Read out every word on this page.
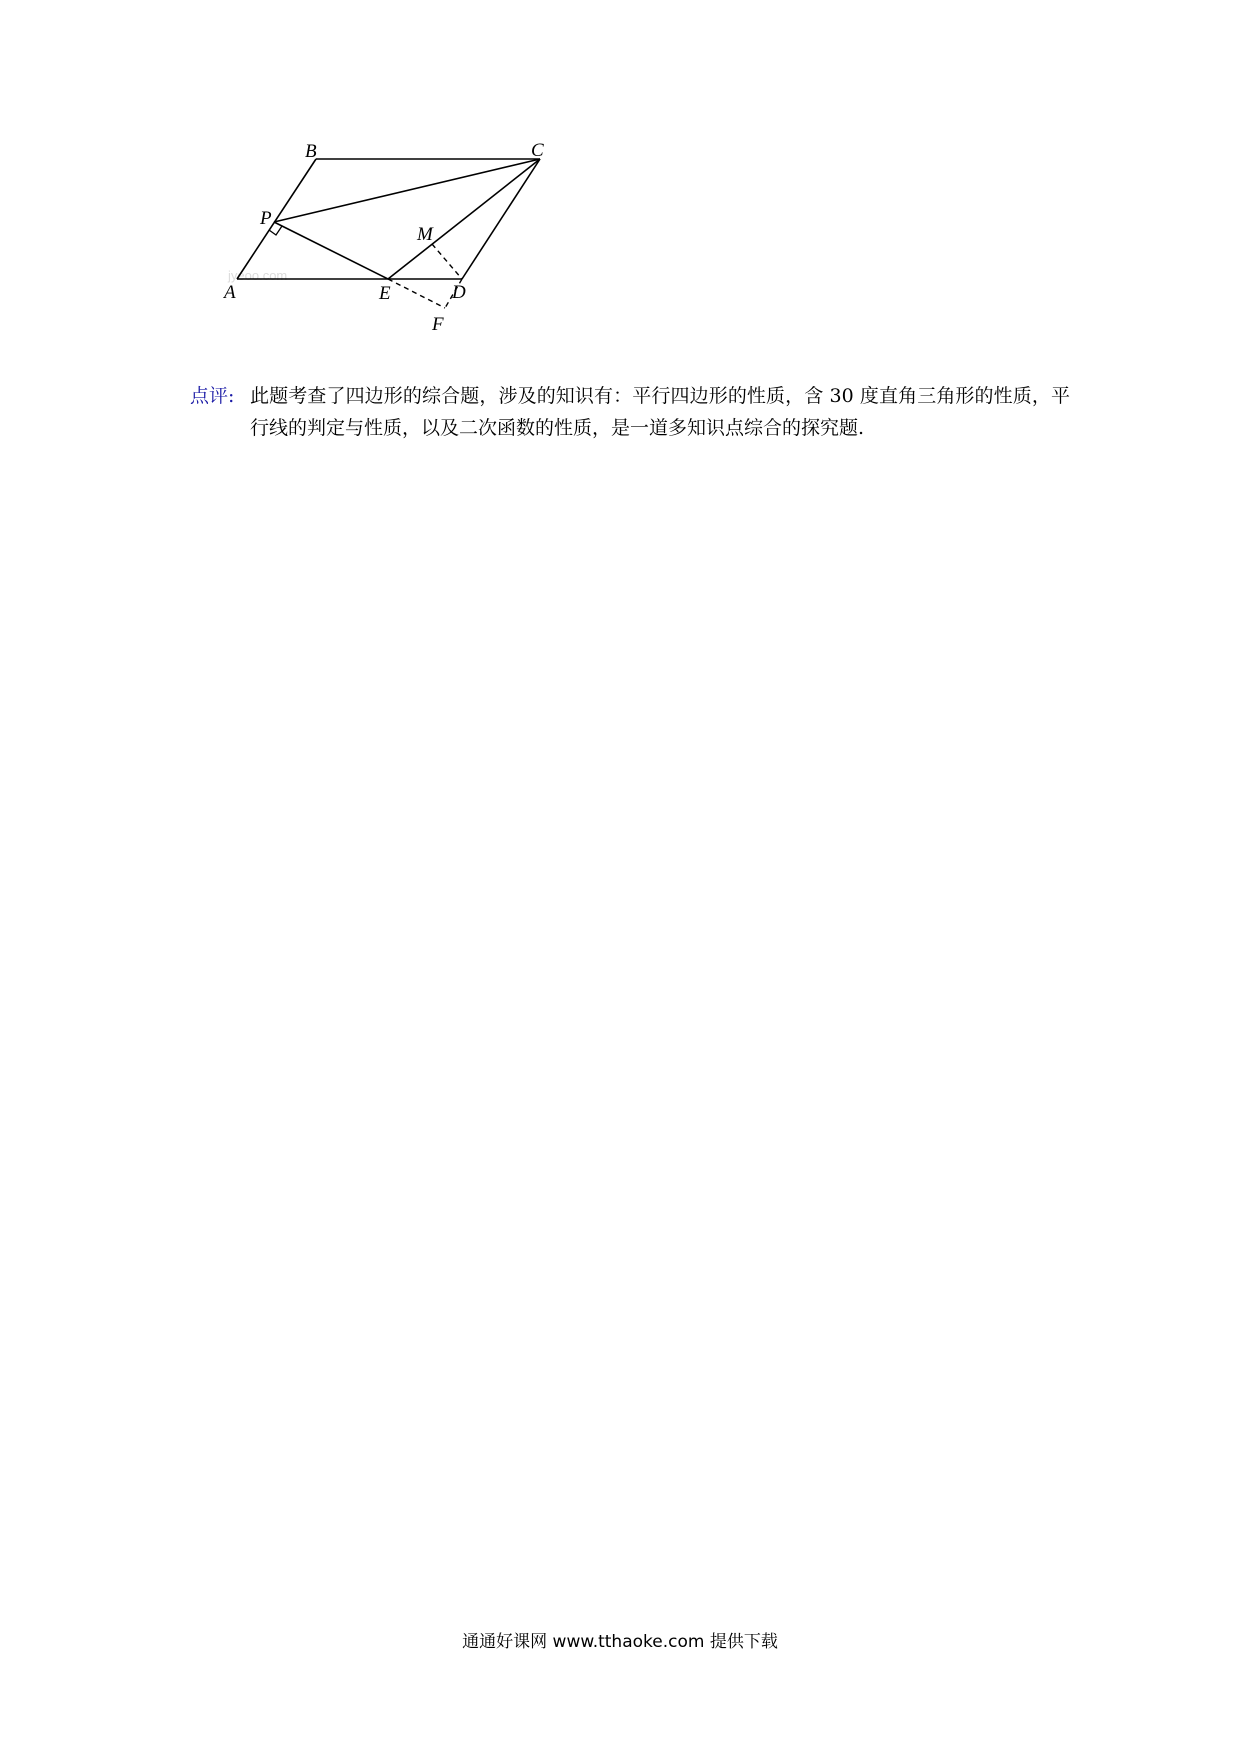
jyeoo.com
A
B	C
D
E
F
M
P
点评: 此题考查了四边形的综合题，涉及的知识有：平行四边形的性质，含 30 度直角三角形的性质，平行线的判定与性质，以及二次函数的性质，是一道多知识点综合的探究题.
通通好课网 www.tthaoke.com 提供下载
